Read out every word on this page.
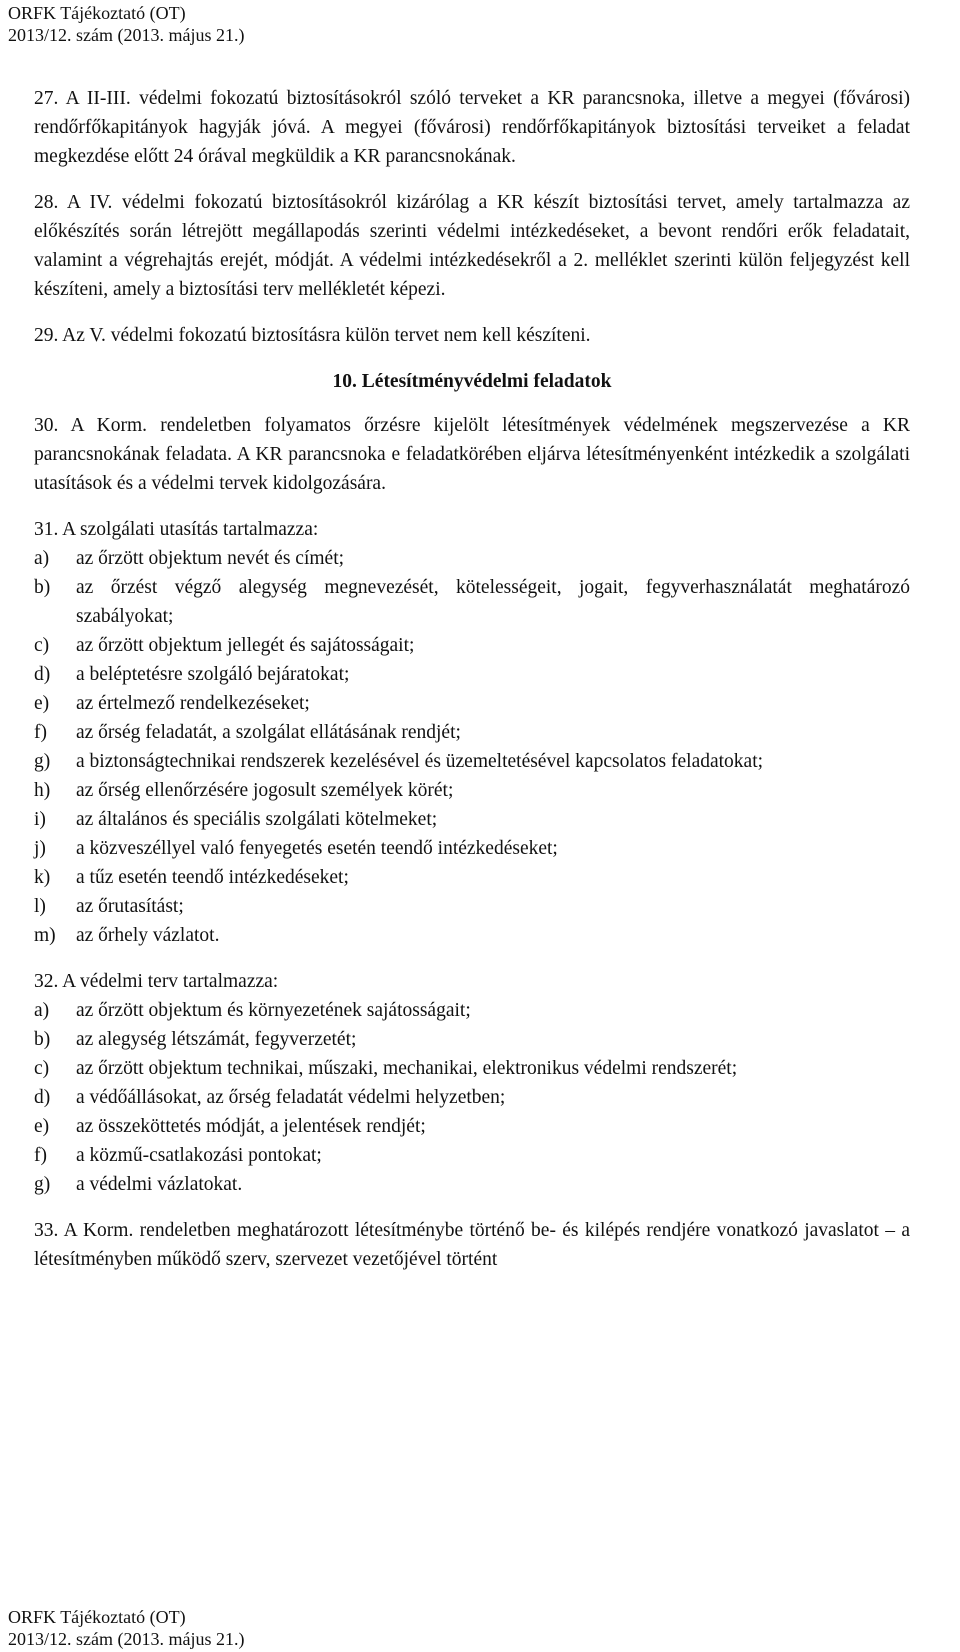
ORFK Tájékoztató (OT)
2013/12. szám (2013. május 21.)

27. A II-III. védelmi fokozatú biztosításokról szóló terveket a KR parancsnoka, illetve a megyei (fővárosi) rendőrfőkapitányok hagyják jóvá. A megyei (fővárosi) rendőrfőkapitányok biztosítási terveiket a feladat megkezdése előtt 24 órával megküldik a KR parancsnokának.

28. A IV. védelmi fokozatú biztosításokról kizárólag a KR készít biztosítási tervet, amely tartalmazza az előkészítés során létrejött megállapodás szerinti védelmi intézkedéseket, a bevont rendőri erők feladatait, valamint a végrehajtás erejét, módját. A védelmi intézkedésekről a 2. melléklet szerinti külön feljegyzést kell készíteni, amely a biztosítási terv mellékletét képezi.

29. Az V. védelmi fokozatú biztosításra külön tervet nem kell készíteni.

10. Létesítményvédelmi feladatok

30. A Korm. rendeletben folyamatos őrzésre kijelölt létesítmények védelmének megszervezése a KR parancsnokának feladata. A KR parancsnoka e feladatkörében eljárva létesítményenként intézkedik a szolgálati utasítások és a védelmi tervek kidolgozására.

31. A szolgálati utasítás tartalmazza:

a) az őrzött objektum nevét és címét;
b) az őrzést végző alegység megnevezését, kötelességeit, jogait, fegyverhasználatát meghatározó szabályokat;
c) az őrzött objektum jellegét és sajátosságait;
d) a beléptetésre szolgáló bejáratokat;
e) az értelmező rendelkezéseket;
f) az őrség feladatát, a szolgálat ellátásának rendjét;
g) a biztonságtechnikai rendszerek kezelésével és üzemeltetésével kapcsolatos feladatokat;
h) az őrség ellenőrzésére jogosult személyek körét;
i) az általános és speciális szolgálati kötelmeket;
j) a közveszéllyel való fenyegetés esetén teendő intézkedéseket;
k) a tűz esetén teendő intézkedéseket;
l) az őrutasítást;
m) az őrhely vázlatot.

32. A védelmi terv tartalmazza:

a) az őrzött objektum és környezetének sajátosságait;
b) az alegység létszámát, fegyverzetét;
c) az őrzött objektum technikai, műszaki, mechanikai, elektronikus védelmi rendszerét;
d) a védőállásokat, az őrség feladatát védelmi helyzetben;
e) az összeköttetés módját, a jelentések rendjét;
f) a közmű-csatlakozási pontokat;
g) a védelmi vázlatokat.

33. A Korm. rendeletben meghatározott létesítménybe történő be- és kilépés rendjére vonatkozó javaslatot – a létesítményben működő szerv, szervezet vezetőjével történt

ORFK Tájékoztató (OT)
2013/12. szám (2013. május 21.)
